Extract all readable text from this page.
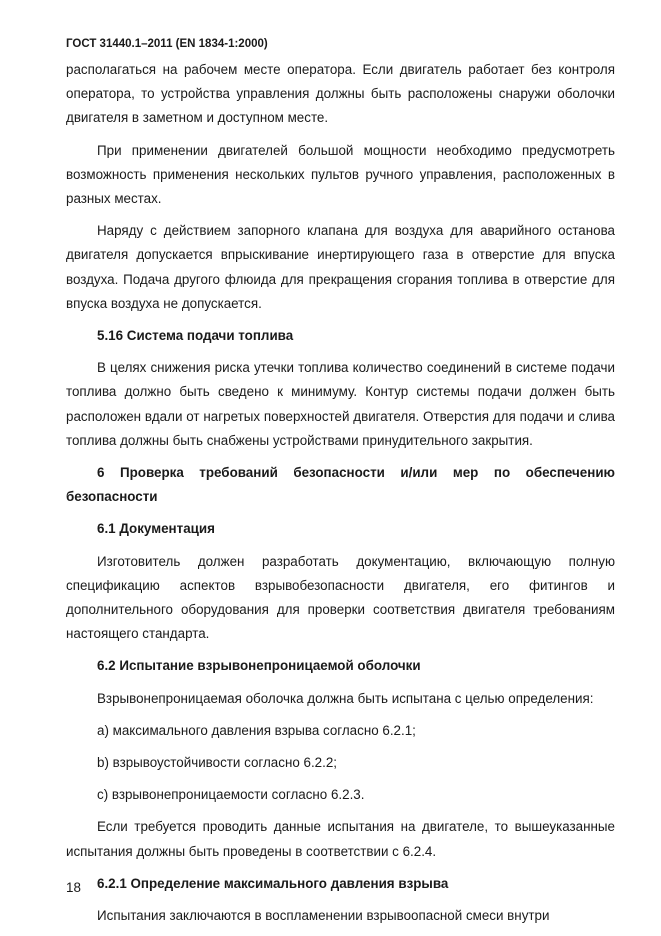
ГОСТ 31440.1–2011 (EN 1834-1:2000)

располагаться на рабочем месте оператора. Если двигатель работает без контроля оператора, то устройства управления должны быть расположены снаружи оболочки двигателя в заметном и доступном месте.

При применении двигателей большой мощности необходимо предусмотреть возможность применения нескольких пультов ручного управления, расположенных в разных местах.

Наряду с действием запорного клапана для воздуха для аварийного останова двигателя допускается впрыскивание инертирующего газа в отверстие для впуска воздуха. Подача другого флюида для прекращения сгорания топлива в отверстие для впуска воздуха не допускается.

5.16 Система подачи топлива

В целях снижения риска утечки топлива количество соединений в системе подачи топлива должно быть сведено к минимуму. Контур системы подачи должен быть расположен вдали от нагретых поверхностей двигателя. Отверстия для подачи и слива топлива должны быть снабжены устройствами принудительного закрытия.

6 Проверка требований безопасности и/или мер по обеспечению безопасности

6.1 Документация

Изготовитель должен разработать документацию, включающую полную спецификацию аспектов взрывобезопасности двигателя, его фитингов и дополнительного оборудования для проверки соответствия двигателя требованиям настоящего стандарта.

6.2 Испытание взрывонепроницаемой оболочки

Взрывонепроницаемая оболочка должна быть испытана с целью определения:

a) максимального давления взрыва согласно 6.2.1;

b) взрывоустойчивости согласно 6.2.2;

c) взрывонепроницаемости согласно 6.2.3.

Если требуется проводить данные испытания на двигателе, то вышеуказанные испытания должны быть проведены в соответствии с 6.2.4.

6.2.1 Определение максимального давления взрыва

Испытания заключаются в воспламенении взрывоопасной смеси внутри

18
